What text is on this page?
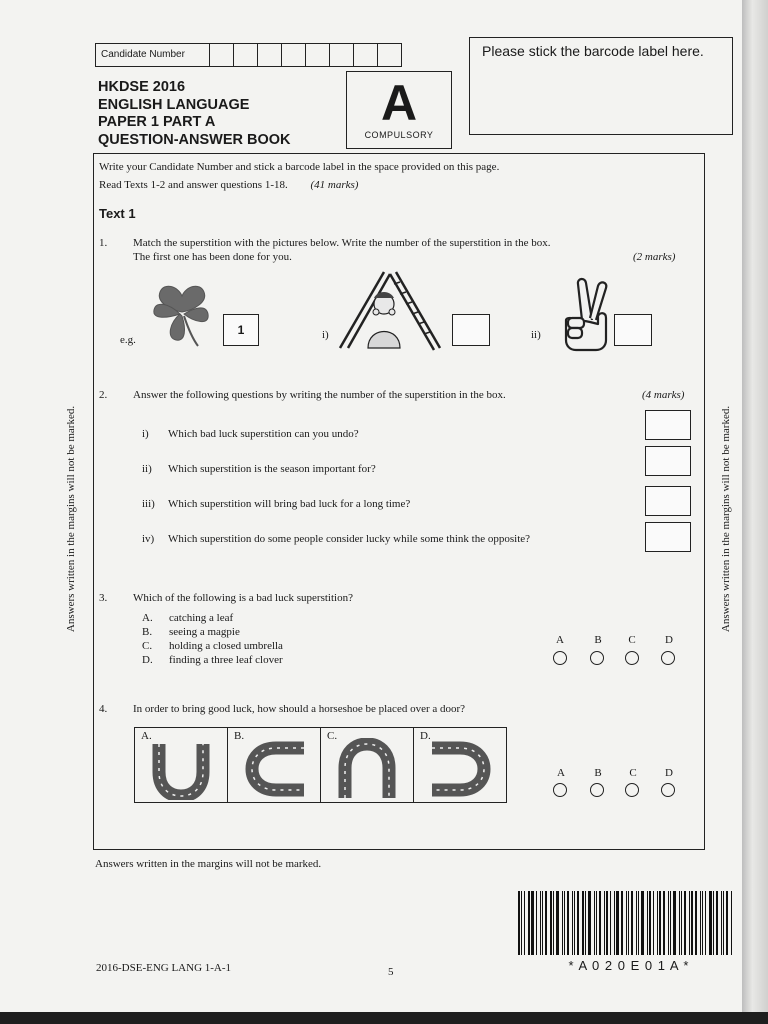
Candidate Number
HKDSE 2016
ENGLISH LANGUAGE
PAPER 1 PART A
QUESTION-ANSWER BOOK
A
COMPULSORY
Please stick the barcode label here.
Write your Candidate Number and stick a barcode label in the space provided on this page.
Read Texts 1-2 and answer questions 1-18. (41 marks)
Text 1
1. Match the superstition with the pictures below. Write the number of the superstition in the box.
The first one has been done for you.	(2 marks)
e.g.
1	i)	ii)
2. Answer the following questions by writing the number of the superstition in the box.	(4 marks)
i) Which bad luck superstition can you undo?
ii) Which superstition is the season important for?
iii) Which superstition will bring bad luck for a long time?
iv) Which superstition do some people consider lucky while some think the opposite?
3. Which of the following is a bad luck superstition?
A. catching a leaf
B. seeing a magpie
C. holding a closed umbrella
D. finding a three leaf clover
A	B	C	D
4. In order to bring good luck, how should a horseshoe be placed over a door?
A.	B.	C.	D.
A	B	C	D
Answers written in the margins will not be marked.
Answers written in the margins will not be marked.	Answers written in the margins will not be marked.
* A 0 2 0 E 0 1 A *
2016-DSE-ENG LANG 1-A-1	5
